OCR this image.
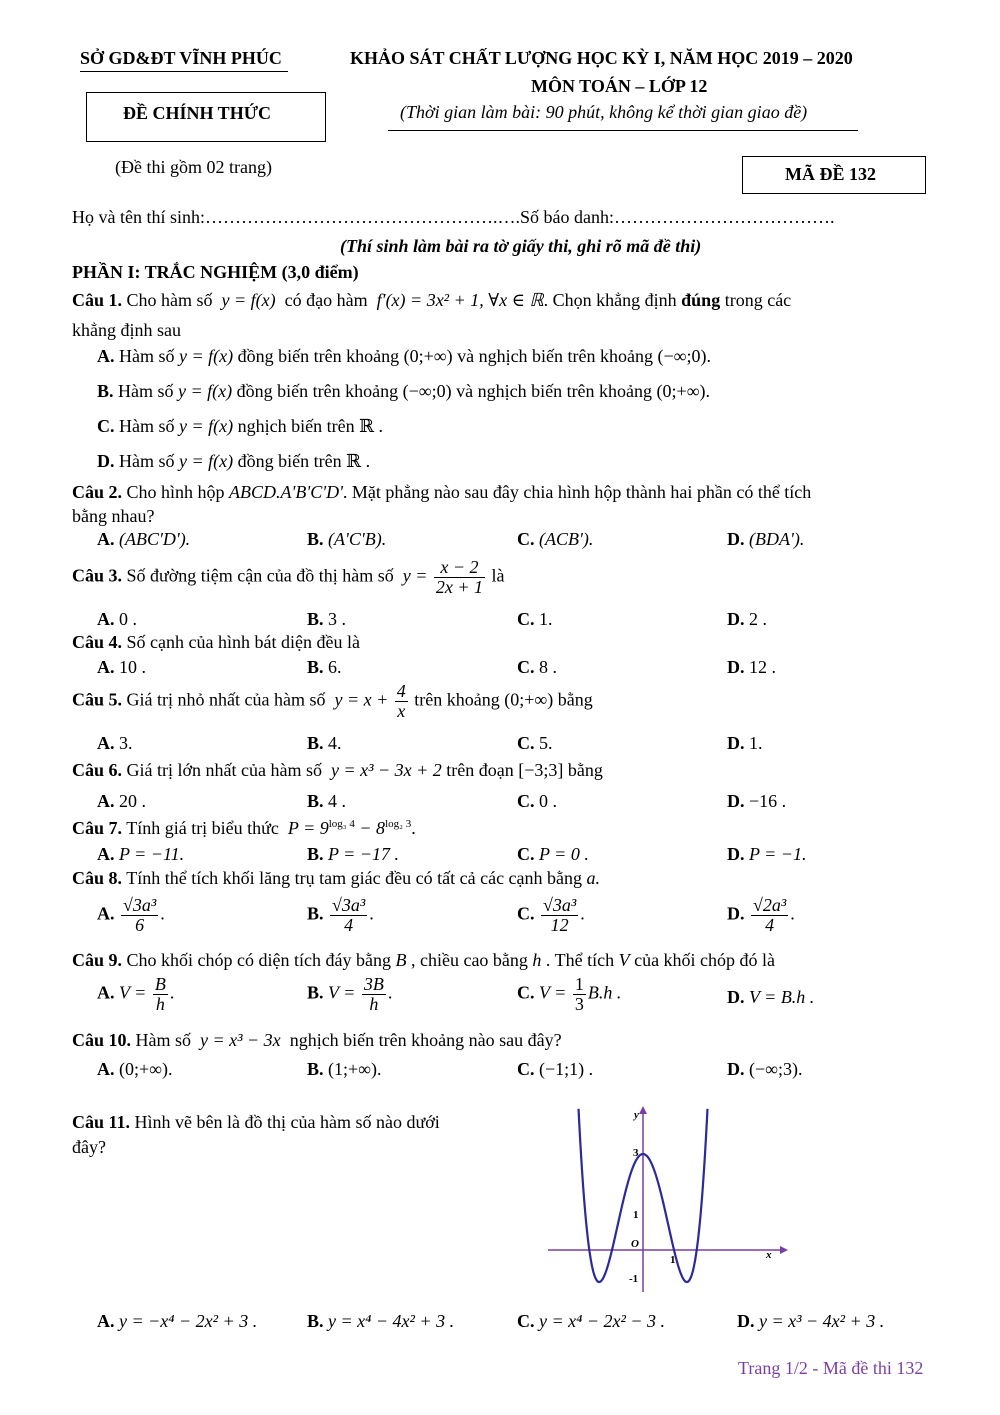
SỞ GD&ĐT VĨNH PHÚC	KHẢO SÁT CHẤT LƯỢNG HỌC KỲ I, NĂM HỌC 2019 – 2020
MÔN TOÁN – LỚP 12
ĐỀ CHÍNH THỨC	(Thời gian làm bài: 90 phút, không kể thời gian giao đề)
(Đề thi gồm 02 trang)	MÃ ĐỀ 132
Họ và tên thí sinh:………………………………………….….Số báo danh:……………………………….
(Thí sinh làm bài ra tờ giấy thi, ghi rõ mã đề thi)
PHẦN I: TRẮC NGHIỆM (3,0 điểm)
Câu 1. Cho hàm số y = f(x) có đạo hàm f′(x) = 3x² + 1, ∀x ∈ ℝ. Chọn khẳng định đúng trong các
khẳng định sau
A. Hàm số y = f(x) đồng biến trên khoảng (0;+∞) và nghịch biến trên khoảng (−∞;0).
B. Hàm số y = f(x) đồng biến trên khoảng (−∞;0) và nghịch biến trên khoảng (0;+∞).
C. Hàm số y = f(x) nghịch biến trên ℝ .
D. Hàm số y = f(x) đồng biến trên ℝ .
Câu 2. Cho hình hộp ABCD.A'B'C'D'. Mặt phẳng nào sau đây chia hình hộp thành hai phần có thể tích
bằng nhau?
A. (ABC'D').	B. (A'C'B).	C. (ACB').	D. (BDA').
Câu 3. Số đường tiệm cận của đồ thị hàm số $y = \frac{x - 2}{2x + 1}$ là
A. 0 .	B. 3 .	C. 1.	D. 2 .
Câu 4. Số cạnh của hình bát diện đều là
A. 10 .	B. 6.	C. 8 .	D. 12 .
Câu 5. Giá trị nhỏ nhất của hàm số $y = x + \frac{4}{x}$ trên khoảng (0;+∞) bằng
A. 3.	B. 4.	C. 5.	D. 1.
Câu 6. Giá trị lớn nhất của hàm số y = x³ − 3x + 2 trên đoạn [−3;3] bằng
A. 20 .	B. 4 .	C. 0 .	D. −16 .
Câu 7. Tính giá trị biểu thức $P = 9^{log_3 4} - 8^{log_2 3}$.
A. P = −11.	B. P = −17 .	C. P = 0 .	D. P = −1.
Câu 8. Tính thể tích khối lăng trụ tam giác đều có tất cả các cạnh bằng a.
A. $\frac{\text{√3a³}}{6}$ .	B. $\frac{\text{√3a³}}{4}$ .	C. $\frac{\text{√3a³}}{12}$ .	D. $\frac{\text{√2a³}}{4}$ .
Câu 9. Cho khối chóp có diện tích đáy bằng B , chiều cao bằng h . Thể tích V của khối chóp đó là
A. $V = \frac{B}{h}$ .	B. $V = \frac{3B}{h}$ .	C. $V = \frac{1}{3} B.h$ .	D. V = B.h .
Câu 10. Hàm số y = x³ − 3x nghịch biến trên khoảng nào sau đây?
A. (0;+∞).	B. (1;+∞).	C. (−1;1) .	D. (−∞;3).
Câu 11. Hình vẽ bên là đồ thị của hàm số nào dưới
đây?
y
x
3
1
-1
O
1
A. y = −x⁴ − 2x² + 3 .	B. y = x⁴ − 4x² + 3 .	C. y = x⁴ − 2x² − 3 .	D. y = x³ − 4x² + 3 .
Trang 1/2 - Mã đề thi 132
